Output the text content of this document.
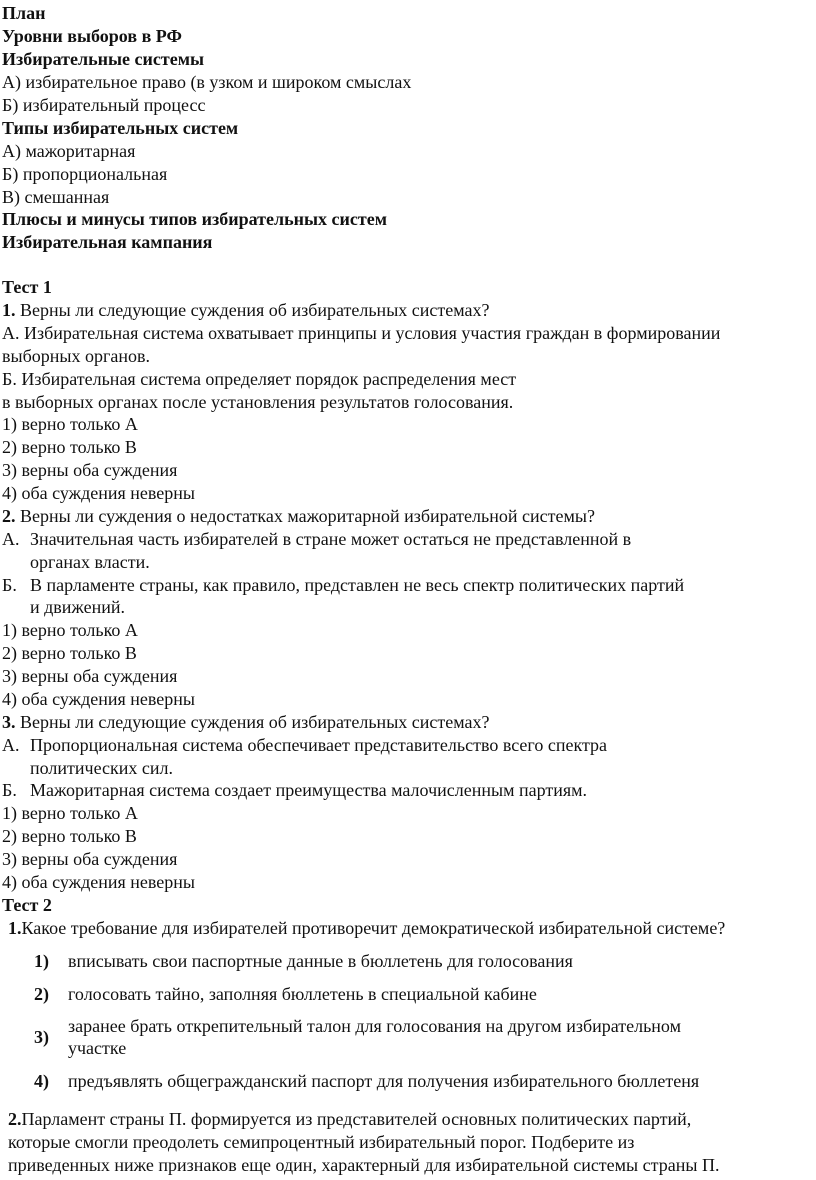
План
Уровни выборов в РФ
Избирательные системы
А) избирательное право (в узком и широком смыслах
Б) избирательный процесс
Типы избирательных систем
А) мажоритарная
Б) пропорциональная
В) смешанная
Плюсы и минусы типов избирательных систем
Избирательная кампания
Тест 1
1. Верны ли следующие суждения об избирательных системах?
А. Избирательная система охватывает принципы и условия участия граждан в формировании
выборных органов.
Б. Избирательная система определяет порядок распределения мест
в выборных органах после установления результатов голосования.
1) верно только А
2) верно только В
3) верны оба суждения
4) оба суждения неверны
2. Верны ли суждения о недостатках мажоритарной избирательной системы?
А. Значительная часть избирателей в стране может остаться не представленной в
органах власти.
Б. В парламенте страны, как правило, представлен не весь спектр политических партий
и движений.
1) верно только А
2) верно только В
3) верны оба суждения
4) оба суждения неверны
3. Верны ли следующие суждения об избирательных системах?
А. Пропорциональная система обеспечивает представительство всего спектра
политических сил.
Б. Мажоритарная система создает преимущества малочисленным партиям.
1) верно только А
2) верно только В
3) верны оба суждения
4) оба суждения неверны
Тест 2
1.Какое требование для избирателей противоречит демократической избирательной системе?
1) вписывать свои паспортные данные в бюллетень для голосования
2) голосовать тайно, заполняя бюллетень в специальной кабине
3)
заранее брать открепительный талон для голосования на другом избирательном
участке
4) предъявлять общегражданский паспорт для получения избирательного бюллетеня
2.Парламент страны П. формируется из представителей основных политических партий,
которые смогли преодолеть семипроцентный избирательный порог. Подберите из
приведенных ниже признаков еще один, характерный для избирательной системы страны П.
